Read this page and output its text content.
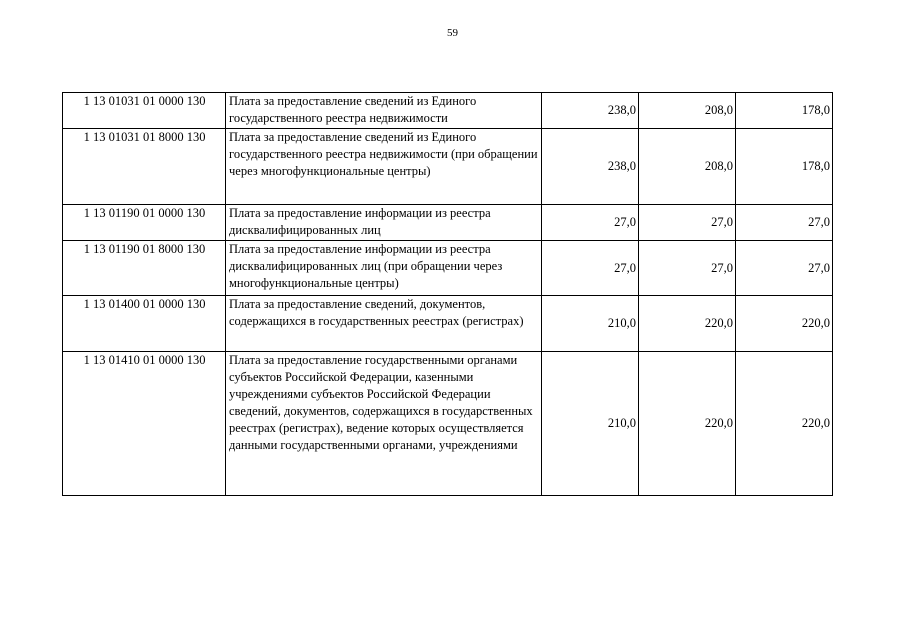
59
1 13 01031 01 0000 130	Плата за предоставление сведений из Единого государственного реестра недвижимости	238,0	208,0	178,0
1 13 01031 01 8000 130	Плата за предоставление сведений из Единого государственного реестра недвижимости (при обращении через многофункциональные центры)	238,0	208,0	178,0
1 13 01190 01 0000 130	Плата за предоставление информации из реестра дисквалифицированных лиц	27,0	27,0	27,0
1 13 01190 01 8000 130	Плата за предоставление информации из реестра дисквалифицированных лиц (при обращении через многофункциональные центры)	27,0	27,0	27,0
1 13 01400 01 0000 130	Плата за предоставление сведений, документов, содержащихся в государственных реестрах (регистрах)	210,0	220,0	220,0
1 13 01410 01 0000 130	Плата за предоставление государственными органами субъектов Российской Федерации, казенными учреждениями субъектов Российской Федерации сведений, документов, содержащихся в государственных реестрах (регистрах), ведение которых осуществляется данными государственными органами, учреждениями	210,0	220,0	220,0
